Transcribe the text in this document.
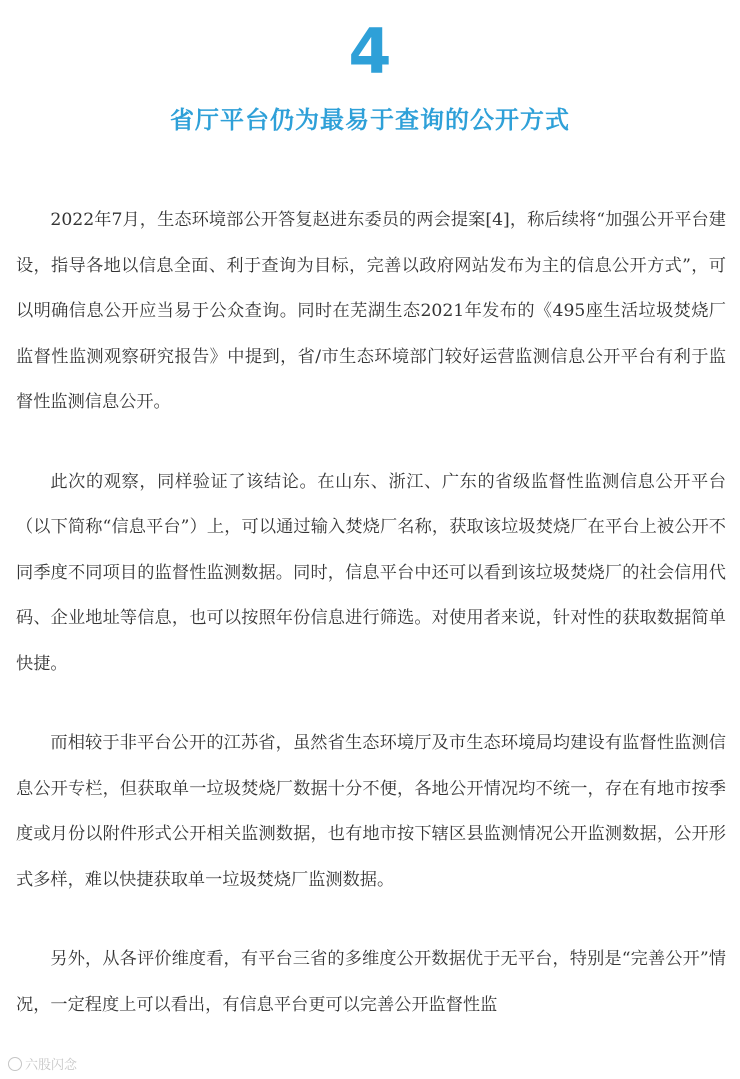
4
省厅平台仍为最易于查询的公开方式

2022年7月，生态环境部公开答复赵进东委员的两会提案[4]，称后续将“加强公开平台建设，指导各地以信息全面、利于查询为目标，完善以政府网站发布为主的信息公开方式”，可以明确信息公开应当易于公众查询。同时在芜湖生态2021年发布的《495座生活垃圾焚烧厂监督性监测观察研究报告》中提到，省/市生态环境部门较好运营监测信息公开平台有利于监督性监测信息公开。

此次的观察，同样验证了该结论。在山东、浙江、广东的省级监督性监测信息公开平台（以下简称“信息平台”）上，可以通过输入焚烧厂名称，获取该垃圾焚烧厂在平台上被公开不同季度不同项目的监督性监测数据。同时，信息平台中还可以看到该垃圾焚烧厂的社会信用代码、企业地址等信息，也可以按照年份信息进行筛选。对使用者来说，针对性的获取数据简单快捷。

而相较于非平台公开的江苏省，虽然省生态环境厅及市生态环境局均建设有监督性监测信息公开专栏，但获取单一垃圾焚烧厂数据十分不便，各地公开情况均不统一，存在有地市按季度或月份以附件形式公开相关监测数据，也有地市按下辖区县监测情况公开监测数据，公开形式多样，难以快捷获取单一垃圾焚烧厂监测数据。

另外，从各评价维度看，有平台三省的多维度公开数据优于无平台，特别是“完善公开”情况，一定程度上可以看出，有信息平台更可以完善公开监督性监

六股闪念
